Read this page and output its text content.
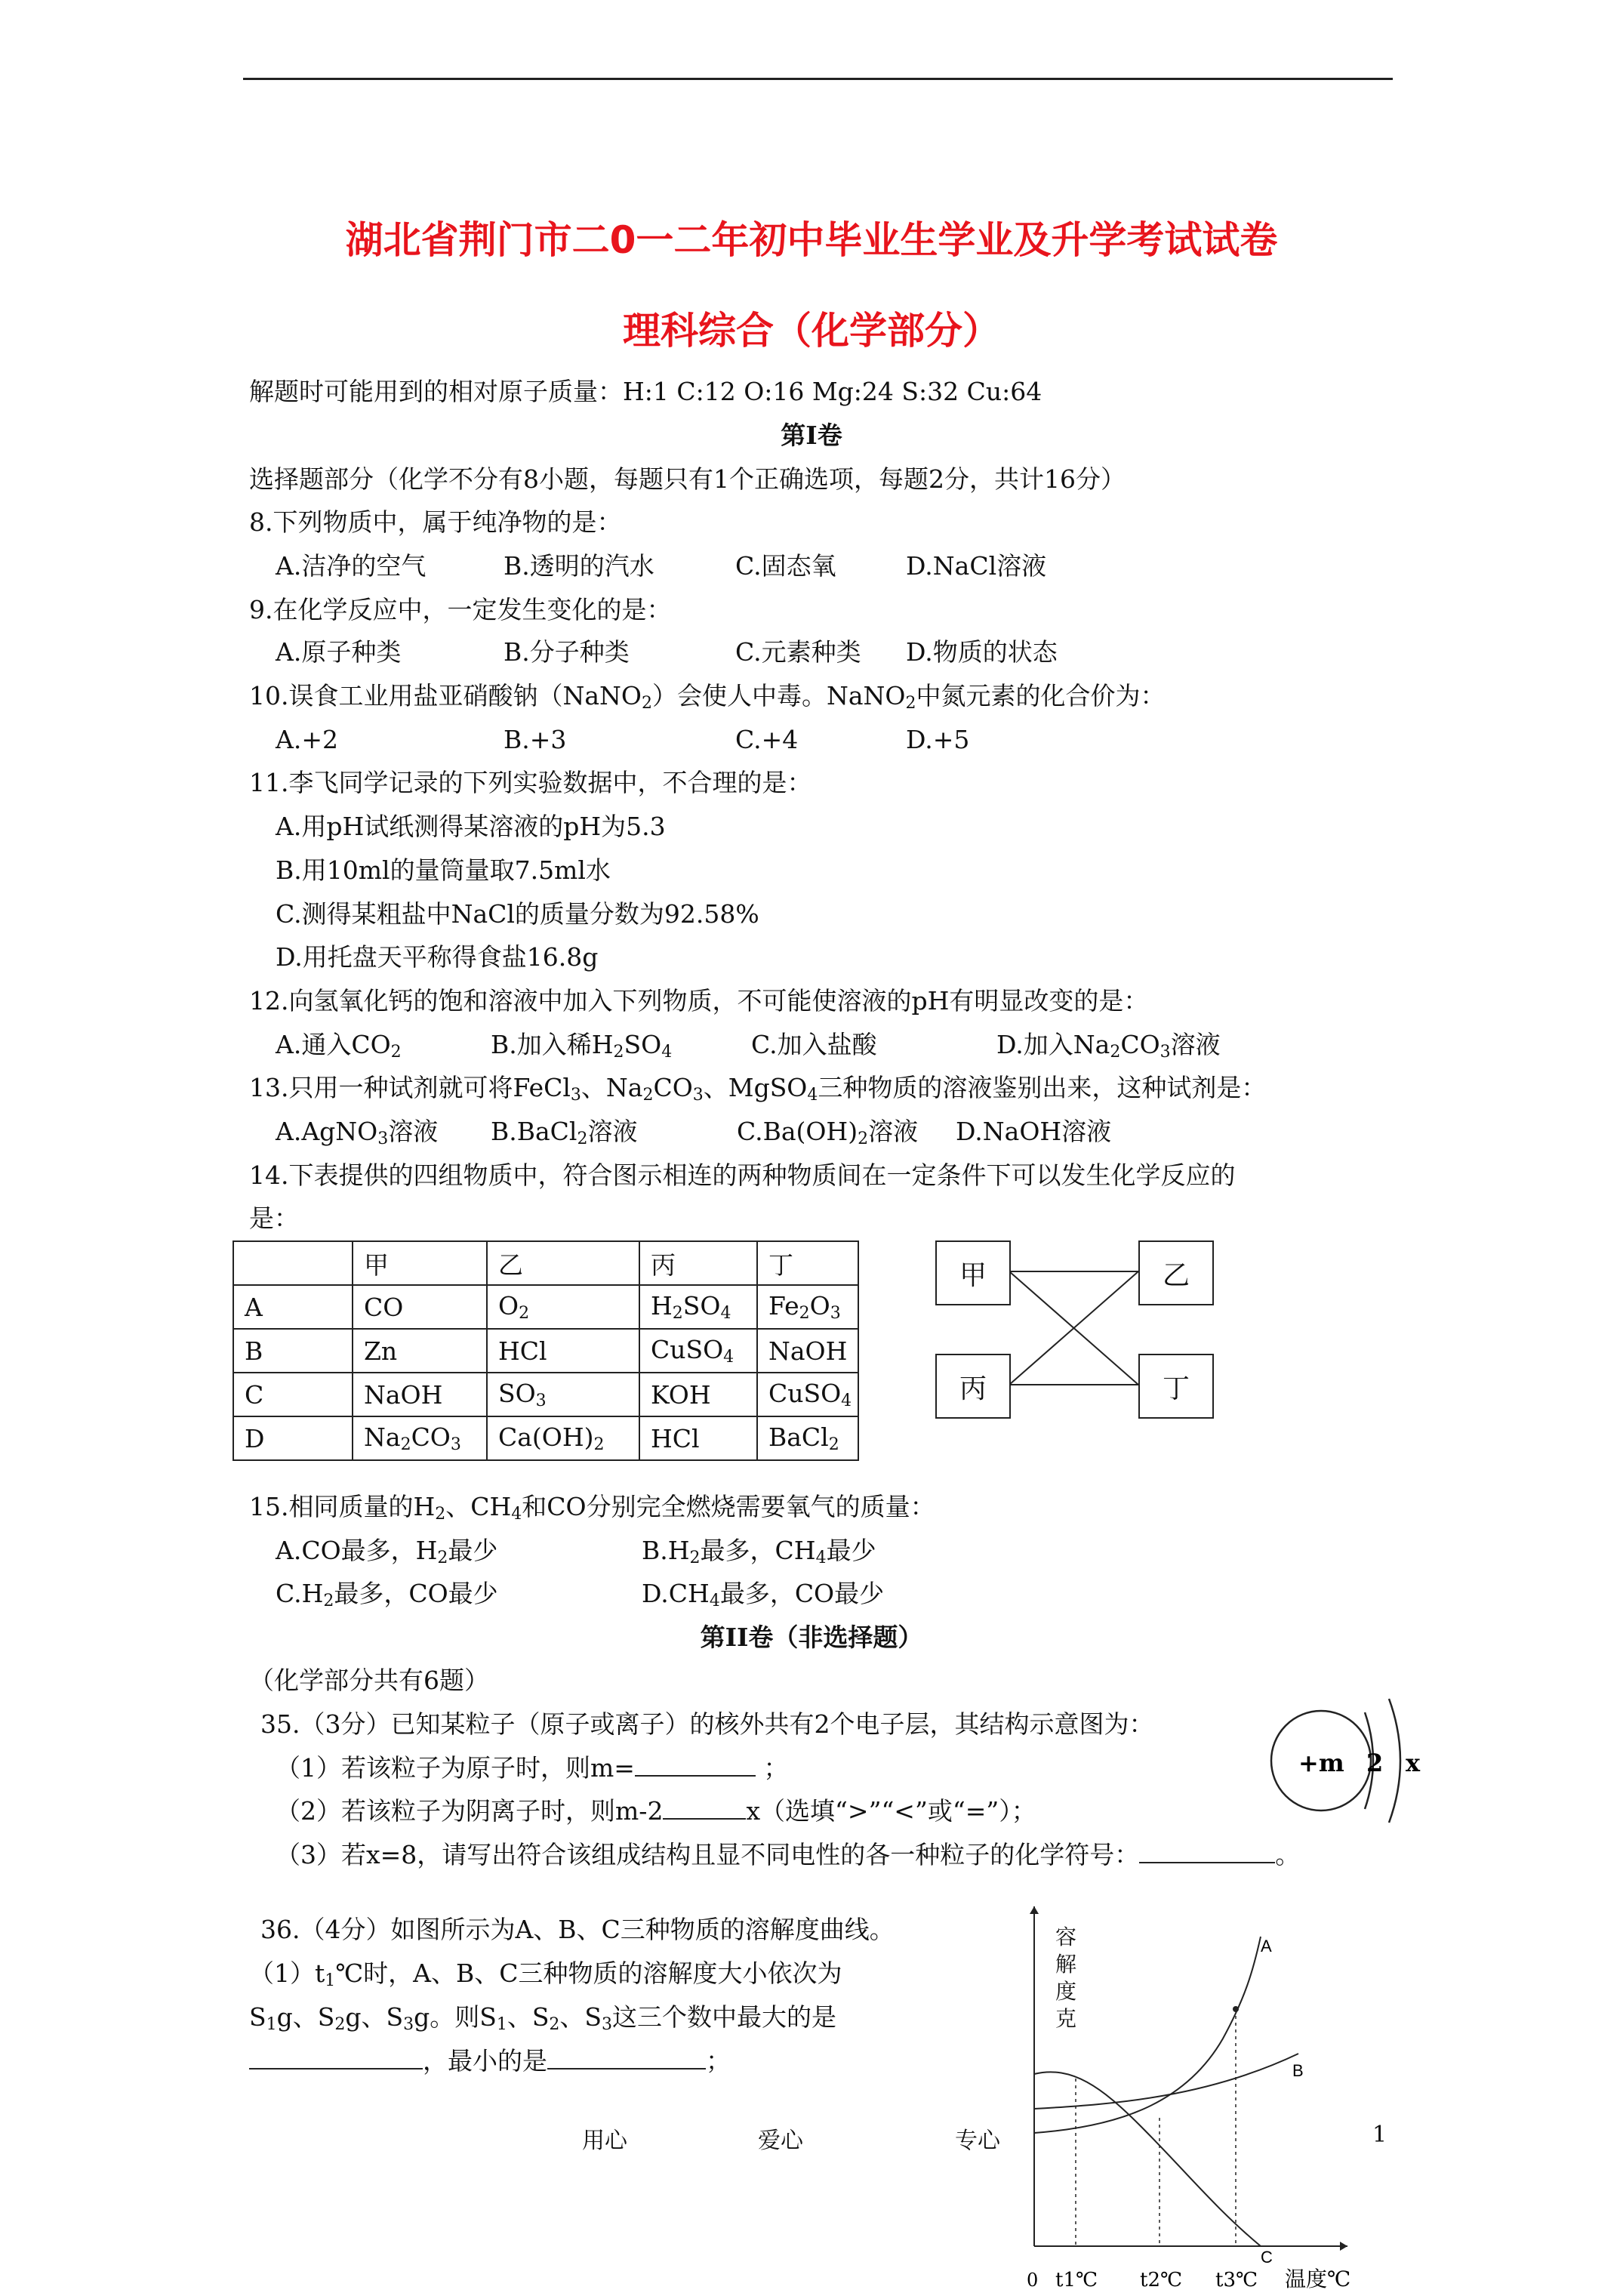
湖北省荆门市二0一二年初中毕业生学业及升学考试试卷
理科综合（化学部分）
解题时可能用到的相对原子质量：H:1 C:12 O:16 Mg:24 S:32 Cu:64
第I卷
选择题部分（化学不分有8小题，每题只有1个正确选项，每题2分，共计16分）
8.下列物质中，属于纯净物的是：
A.洁净的空气	B.透明的汽水	C.固态氧	D.NaCl溶液
9.在化学反应中，一定发生变化的是：
A.原子种类	B.分子种类	C.元素种类 D.物质的状态
10.误食工业用盐亚硝酸钠（NaNO$_2$）会使人中毒。NaNO$_2$中氮元素的化合价为：
A.+2	B.+3	C.+4	D.+5
11.李飞同学记录的下列实验数据中，不合理的是：
A.用pH试纸测得某溶液的pH为5.3
B.用10ml的量筒量取7.5ml水
C.测得某粗盐中NaCl的质量分数为92.58%
D.用托盘天平称得食盐16.8g
12.向氢氧化钙的饱和溶液中加入下列物质，不可能使溶液的pH有明显改变的是：
A.通入$CO_2$	B.加入稀$H_2SO_4$	C.加入盐酸	D.加入$Na_2CO_3$溶液
13.只用一种试剂就可将FeCl$_3$、$Na_2CO_3$、MgSO$_4$三种物质的溶液鉴别出来，这种试剂是：
A.AgNO$_3$溶液 B.BaCl$_2$溶液	$C.Ba(OH)_2$溶液 D.NaOH溶液
14.下表提供的四组物质中，符合图示相连的两种物质间在一定条件下可以发生化学反应的
是：
	甲	乙	丙	丁
A	CO	$O_2$	$H_2SO_4$	$Fe_2O_3$
B	Zn	HCl	CuSO$_4$	NaOH
C	NaOH	$SO_3$	KOH	CuSO$_4$
D	$Na_2CO_3$	$Ca(OH)_2$	HCl	BaCl$_2$
甲	乙
丙	丁
15.相同质量的$H_2$、$CH_4$和CO分别完全燃烧需要氧气的质量：
A.CO最多，$H_2$最少	$B.H_2$最多，$CH_4$最少
$C.H_2$最多，CO最少	$D.CH_4$最多，CO最少
第II卷（非选择题）
（化学部分共有6题）
35.（3分）已知某粒子（原子或离子）的核外共有2个电子层，其结构示意图为：
（1）若该粒子为原子时，则m=	；
（2）若该粒子为阴离子时，则m-2	x（选填“>”“<”或“=”）；
（3）若x=8，请写出符合该组成结构且显不同电性的各一种粒子的化学符号：	。
+m 2 x
36.（4分）如图所示为A、B、C三种物质的溶解度曲线。
$(1)t_1℃$时，A、B、C三种物质的溶解度大小依次为
$S_1g$、$S_2g$、$S_3g$。则$S_1$、$S_2$、$S_3$这三个数中最大的是
，最小的是	；
A
B
C
0 t1℃ t2℃ t3℃ 温度℃
容解度克
用心	爱心	专心	1
